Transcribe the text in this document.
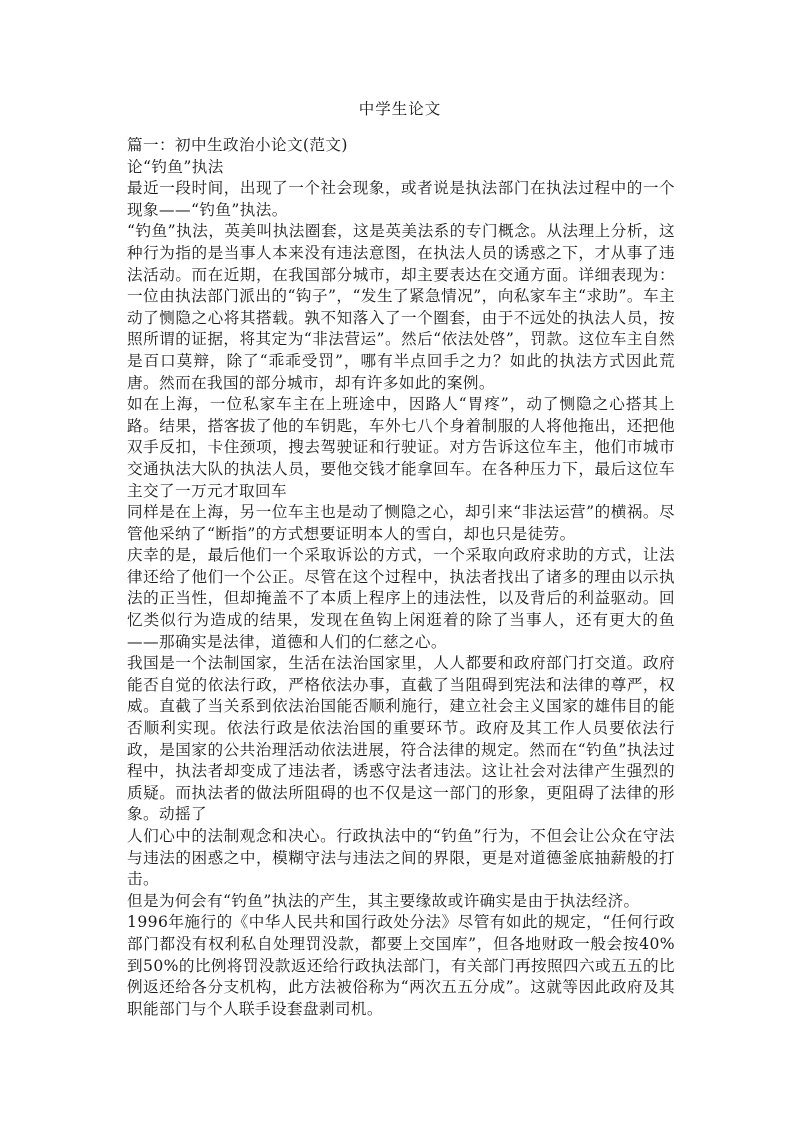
中学生论文

篇一：初中生政治小论文(范文)

论“钓鱼”执法

最近一段时间，出现了一个社会现象，或者说是执法部门在执法过程中的一个现象——“钓鱼”执法。

“钓鱼”执法，英美叫执法圈套，这是英美法系的专门概念。从法理上分析，这种行为指的是当事人本来没有违法意图，在执法人员的诱惑之下，才从事了违法活动。而在近期，在我国部分城市，却主要表达在交通方面。详细表现为：一位由执法部门派出的“钩子”，“发生了紧急情况”，向私家车主“求助”。车主动了恻隐之心将其搭载。孰不知落入了一个圈套，由于不远处的执法人员，按照所谓的证据，将其定为“非法营运”。然后“依法处啓”，罚款。这位车主自然是百口莫辩，除了“乖乖受罚”，哪有半点回手之力？如此的执法方式因此荒唐。然而在我国的部分城市，却有许多如此的案例。

如在上海，一位私家车主在上班途中，因路人“胃疼”，动了恻隐之心搭其上路。结果，搭客拔了他的车钥匙，车外七八个身着制服的人将他拖出，还把他双手反扣，卡住颈项，搜去驾驶证和行驶证。对方告诉这位车主，他们市城市交通执法大队的执法人员，要他交钱才能拿回车。在各种压力下，最后这位车主交了一万元才取回车

同样是在上海，另一位车主也是动了恻隐之心，却引来“非法运营”的横祸。尽管他采纳了“断指”的方式想要证明本人的雪白，却也只是徒劳。

庆幸的是，最后他们一个采取诉讼的方式，一个采取向政府求助的方式，让法律还给了他们一个公正。尽管在这个过程中，执法者找出了诸多的理由以示执法的正当性，但却掩盖不了本质上程序上的违法性，以及背后的利益驱动。回忆类似行为造成的结果，发现在鱼钩上闲逛着的除了当事人，还有更大的鱼——那确实是法律，道德和人们的仁慈之心。

我国是一个法制国家，生活在法治国家里，人人都要和政府部门打交道。政府能否自觉的依法行政，严格依法办事，直截了当阻碍到宪法和法律的尊严，权威。直截了当关系到依法治国能否顺利施行，建立社会主义国家的雄伟目的能否顺利实现。依法行政是依法治国的重要环节。政府及其工作人员要依法行政，是国家的公共治理活动依法进展，符合法律的规定。然而在“钓鱼”执法过程中，执法者却变成了违法者，诱惑守法者违法。这让社会对法律产生强烈的质疑。而执法者的做法所阻碍的也不仅是这一部门的形象，更阻碍了法律的形象。动摇了

人们心中的法制观念和决心。行政执法中的“钓鱼”行为，不但会让公众在守法与违法的困惑之中，模糊守法与违法之间的界限，更是对道德釜底抽薪般的打击。

但是为何会有“钓鱼”执法的产生，其主要缘故或许确实是由于执法经济。

1996年施行的《中华人民共和国行政处分法》尽管有如此的规定，“任何行政部门都没有权利私自处理罚没款，都要上交国库”，但各地财政一般会按40%到50%的比例将罚没款返还给行政执法部门，有关部门再按照四六或五五的比例返还给各分支机构，此方法被俗称为“两次五五分成”。这就等因此政府及其职能部门与个人联手设套盘剥司机。
